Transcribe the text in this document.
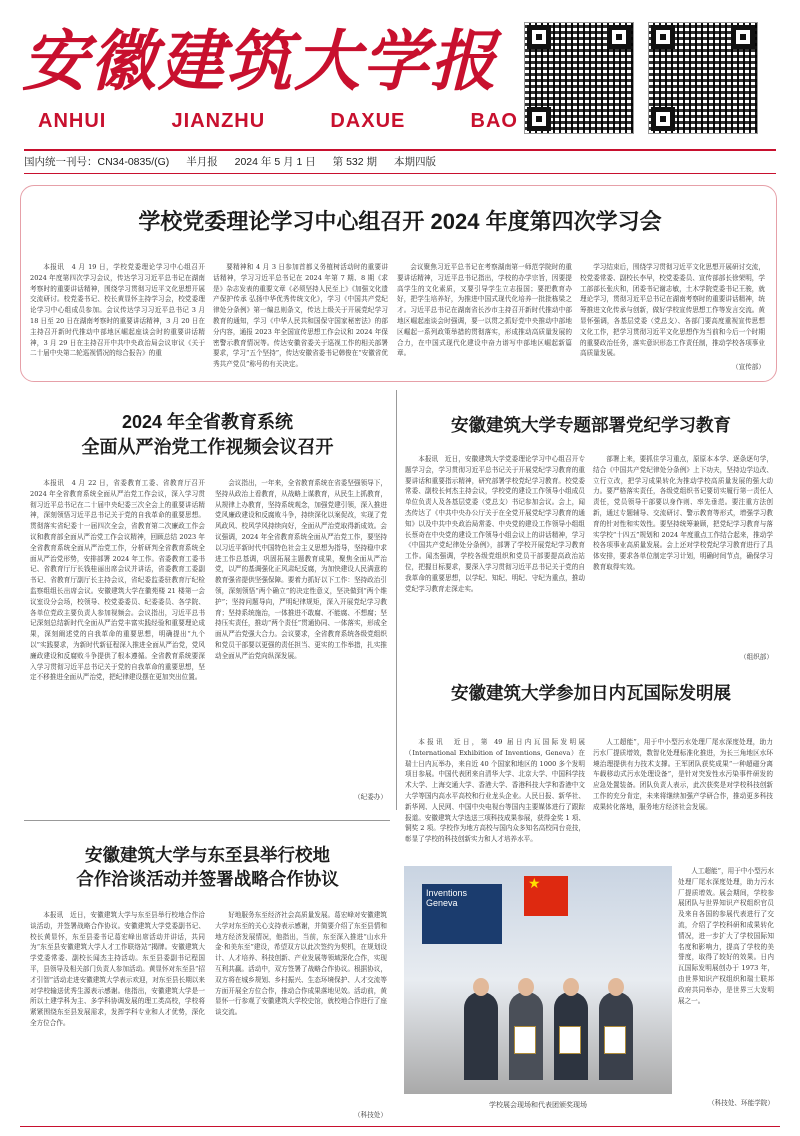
安徽建筑大学报
ANHUI	JIANZHU	DAXUE	BAO
国内统一刊号：CN34-0835/(G) 半月报 2024 年 5 月 1 日 第 532 期 本期四版
学校党委理论学习中心组召开 2024 年度第四次学习会

本报讯　4 月 19 日，学校党委理论学习中心组召开 2024 年度第四次学习会议，传达学习习近平总书记在湖南考察时的重要讲话精神，围绕学习贯彻习近平文化思想开展交流研讨。校党委书记、校长黄显怀主持学习会，校党委理论学习中心组成员参加。会议传达学习习近平总书记 3 月 18 日至 20 日在湖南考察时的重要讲话精神，3 月 20 日在主持召开新时代推动中部地区崛起座谈会时的重要讲话精神，3 月 29 日在主持召开中共中央政治局会议审议《关于二十届中央第二轮巡视情况的综合报告》的重

要精神和 4 月 3 日参加首都义务植树活动时的重要讲话精神，学习习近平总书记在 2024 年第 7 期、8 期《求是》杂志发表的重要文章《必须坚持人民至上》《加强文化遗产保护传承 弘扬中华优秀传统文化》，学习《中国共产党纪律处分条例》第一编总则条文，传达上级关于开展党纪学习教育的通知，学习《中华人民共和国保守国家秘密法》的部分内容，通报 2023 年全国宣传思想工作会议和 2024 年保密警示教育情况等。传达安徽省委关于巡视工作的相关部署要求，学习“五个坚持”，传达安徽省委书记韩俊在“安徽省优秀共产党员”称号的有关决定。

会议聚焦习近平总书记在考察湖南第一师范学院时的重要讲话精神，习近平总书记指出，学校的办学宗旨，因要提高学生的文化素质，又要引导学生立志报国；要把教育办好，把学生培养好，为推进中国式现代化培养一批批栋梁之才。习近平总书记在湖南省长沙市主持召开新时代推动中部地区崛起座谈会时强调，要一以贯之抓好党中央推动中部地区崛起一系列政策举措的贯彻落实，形成推动高质量发展的合力，在中国式现代化建设中奋力谱写中部地区崛起新篇章。

学习结束后，围绕学习贯彻习近平文化思想开展研讨交流，校党委常委、副校长李早，校党委委员、宣传部部长徐荣明，学工部部长张庆和，团委书记谢志敏，土木学院党委书记王骏，就理论学习，贯彻习近平总书记在湖南考察时的重要讲话精神，统筹推进文化传承与创新，做好学校宣传思想工作等发言交流。黄显怀强调，各基层党委（党总支）、各部门要高度重视宣传思想文化工作，把学习贯彻习近平文化思想作为当前和今后一个时期的重要政治任务，落实意识形态工作责任制，推动学校各项事业高质量发展。

（宣传部）
2024 年全省教育系统
全面从严治党工作视频会议召开

本报讯　4 月 22 日，省委教育工委、省教育厅召开 2024 年全省教育系统全面从严治党工作会议，深入学习贯彻习近平总书记在二十届中央纪委三次全会上的重要讲话精神，深刻领悟习近平总书记关于党的自我革命的重要思想。贯彻落实省纪委十一届四次全会，省教育第二次廉政工作会议和教育部全面从严治党工作会议精神，回顾总结 2023 年全省教育系统全面从严治党工作，分析研判全省教育系统全面从严治党形势，安排部署 2024 年工作。省委教育工委书记、省教育厅厅长钱桂丽出席会议并讲话，省委教育工委副书记、省教育厅副厅长主持会议，省纪委监委驻教育厅纪检监察组组长出席会议。安徽建筑大学在徽苑楼 21 楼第一会议室设分会场，校领导、校党委委员、纪委委员、各学院、各单位党政主要负责人参加视频会。会议指出，习近平总书记深刻总结新时代全面从严治党丰富实践经验和重要理论成果，深刻阐述党的自我革命的重要思想，明确提出“九个以”实践要求，为新时代新征程深入推进全面从严治党，党风廉政建设和反腐败斗争提供了根本遵循。全省教育系统要深入学习贯彻习近平总书记关于党的自我革命的重要思想，坚定不移推进全面从严治党，把纪律建设摆在更加突出位置。

会议指出，一年来，全省教育系统在省委坚强领导下，坚持从政治上看教育，从战略上谋教育，从民生上抓教育，从规律上办教育，坚持系统观念，加强党建引领，深入推进党风廉政建设和反腐败斗争，持续深化以案促改，实现了党风政风、校风学风持续向好，全面从严治党取得新成效。会议强调，2024 年全省教育系统全面从严治党工作，要坚持以习近平新时代中国特色社会主义思想为指导，坚持稳中求进工作总基调，巩固拓展主题教育成果，聚焦全面从严治党，以严的基调强化正风肃纪反腐，为加快建设人民满意的教育强省提供坚强保障。要着力抓好以下工作：坚持政治引领，深刻领悟“两个确立”的决定性意义，坚决做到“两个维护”；坚持问题导向，严明纪律规矩，深入开展党纪学习教育；坚持系统施治，一体推进不敢腐、不能腐、不想腐；坚持压实责任，推动“两个责任”贯通协同、一体落实，形成全面从严治党强大合力。会议要求，全省教育系统各级党组织和党员干部要以更强的责任担当、更实的工作举措，扎实推动全面从严治党向纵深发展。

（纪委办）
安徽建筑大学专题部署党纪学习教育

本报讯　近日，安徽建筑大学党委理论学习中心组召开专题学习会，学习贯彻习近平总书记关于开展党纪学习教育的重要讲话和重要指示精神，研究部署学校党纪学习教育。校党委常委、副校长何杰主持会议，学校党的建设工作领导小组成员单位负责人及各基层党委（党总支）书记参加会议。会上，闻杰传达了《中共中央办公厅关于在全党开展党纪学习教育的通知》以及中共中央政治局常委、中央党的建设工作领导小组组长蔡奇在中央党的建设工作领导小组会议上的讲话精神，学习《中国共产党纪律处分条例》，部署了学校开展党纪学习教育工作。闻杰强调，学校各级党组织和党员干部要提高政治站位，把握目标要求，要深入学习贯彻习近平总书记关于党的自我革命的重要思想，以学纪、知纪、明纪、守纪为重点，推动党纪学习教育走深走实。

部署上来，要抓住学习重点，原原本本学、逐条逐句学，结合《中国共产党纪律处分条例》上下功夫，坚持边学边改、立行立改，把学习成果转化为推动学校高质量发展的强大动力。要严格落实责任，各级党组织书记要切实履行第一责任人责任，党员领导干部要以身作则、率先垂范。要注重方法创新，通过专题辅导、交流研讨、警示教育等形式，增强学习教育的针对性和实效性。要坚持统筹兼顾，把党纪学习教育与落实学校“十四五”规划和 2024 年度重点工作结合起来，推动学校各项事业高质量发展。会上还对学校党纪学习教育进行了具体安排，要求各单位制定学习计划，明确时间节点，确保学习教育取得实效。

（组织部）
安徽建筑大学参加日内瓦国际发明展

本报讯　近日，第 49 届日内瓦国际发明展（International Exhibition of Inventions, Geneva）在瑞士日内瓦举办，来自近 40 个国家和地区的 1000 多个发明项目参展。中国代表团来自清华大学、北京大学、中国科学技术大学、上海交通大学、香港大学、香港科技大学和香港中文大学等国内高水平高校和行业龙头企业。人民日报、新华社、新华网、人民网、中国中央电视台等国内主要媒体进行了跟踪报道。安徽建筑大学选送三项科技成果参展，获得金奖 1 项、铜奖 2 项。学校作为地方高校与国内众多知名高校同台竞技，彰显了学校的科技创新实力和人才培养水平。

人工超能”，用于中小型污水处理厂尾水深度处理，助力污水厂提质增效，数智化处理标准化推进，为长三角地区水环境治理提供有力技术支撑。王军团队获奖成果“一种超磁分离车载移动式污水处理设备”，是针对突发性水污染事件研发的应急处置装备。团队负责人表示，此次获奖是对学校科技创新工作的充分肯定，未来将继续加强产学研合作，推动更多科技成果转化落地，服务地方经济社会发展。

Inventions Geneva
★
学校展会现场和代表团颁奖现场

人工超能”，用于中小型污水处理厂尾水深度处理，助力污水厂提质增效。展会期间，学校参展团队与世界知识产权组织官员及来自各国的参展代表进行了交流，介绍了学校科研和成果转化情况，进一步扩大了学校国际知名度和影响力，提高了学校的美誉度，取得了较好的效果。日内瓦国际发明展创办于 1973 年，由世界知识产权组织和瑞士联邦政府共同举办，是世界三大发明展之一。

（科技处、环能学院）
安徽建筑大学与东至县举行校地
合作洽谈活动并签署战略合作协议

本报讯　近日，安徽建筑大学与东至县举行校地合作洽谈活动，并签署战略合作协议。安徽建筑大学党委副书记、校长黄显怀，东至县委书记葛宏峰出席活动并讲话，共同为“东至县安徽建筑大学人才工作联络站”揭牌。安徽建筑大学党委常委、副校长闻杰主持活动。东至县委副书记程国平，县领导及相关部门负责人参加活动。黄显怀对东至县“招才引智”活动走进安徽建筑大学表示欢迎，对东至县长期以来对学校输送优秀生源表示感谢。他指出，安徽建筑大学是一所以土建学科为主、多学科协调发展的理工类高校，学校将紧紧围绕东至县发展需求，发挥学科专业和人才优势，深化全方位合作。

好地服务东至经济社会高质量发展。葛宏峰对安徽建筑大学对东至的关心支持表示感谢，并简要介绍了东至县情和地方经济发展情况，他指出，当前，东至深入推进“山水升金·和美东至”建设，希望双方以此次签约为契机，在规划设计、人才培养、科技创新、产业发展等领域深化合作，实现互利共赢。活动中，双方签署了战略合作协议。根据协议，双方将在城乡规划、乡村振兴、生态环境保护、人才交流等方面开展全方位合作，推动合作成果落地见效。活动前，黄显怀一行参观了安徽建筑大学校史馆，就校地合作进行了座谈交流。

（科技处）
